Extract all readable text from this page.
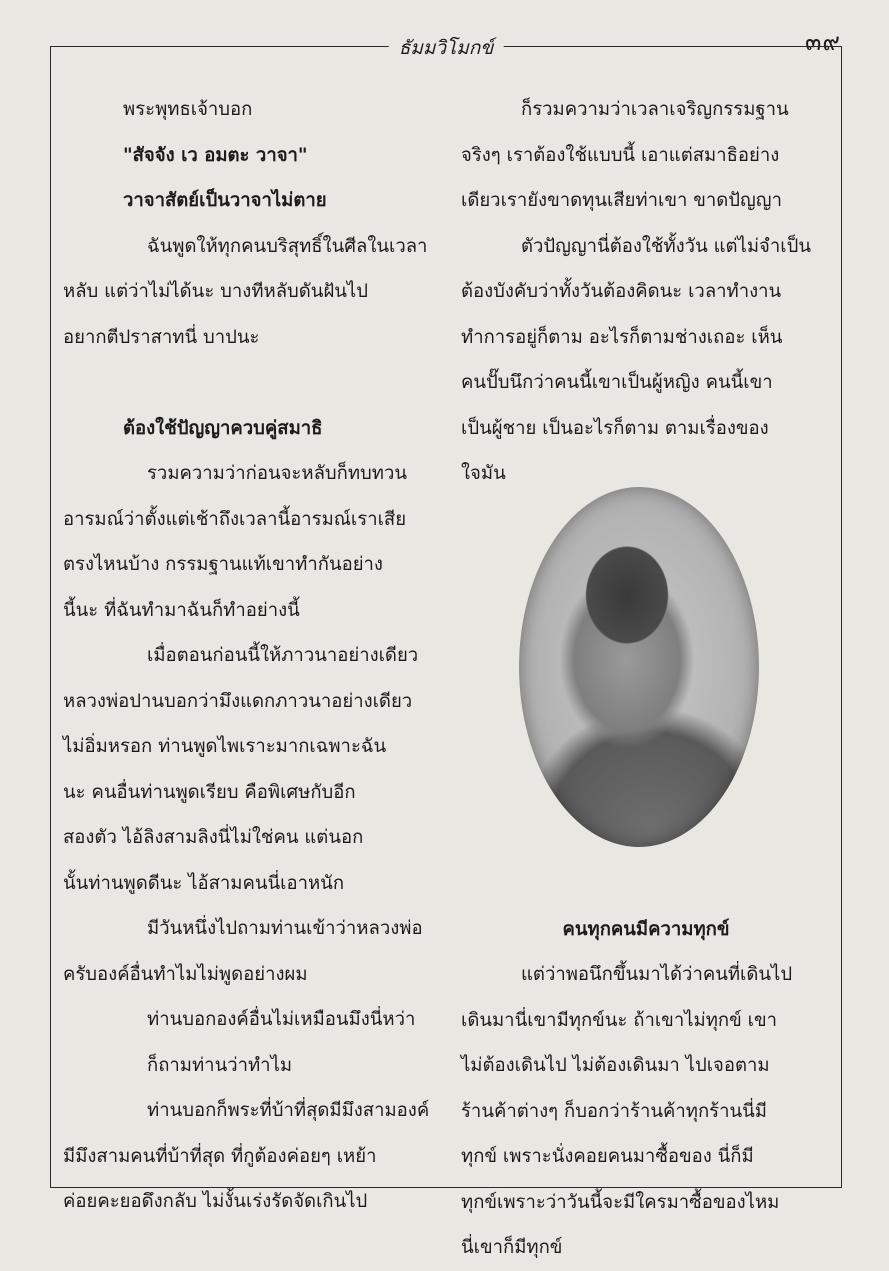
๓๙
ธัมมวิโมกข์
พระพุทธเจ้าบอก
"สัจจัง เว อมตะ วาจา"
วาจาสัตย์เป็นวาจาไม่ตาย
ฉันพูดให้ทุกคนบริสุทธิ์ในศีลในเวลา
หลับ แต่ว่าไม่ได้นะ บางทีหลับดันฝันไป
อยากตีปราสาทนี่ บาปนะ
ต้องใช้ปัญญาควบคู่สมาธิ
รวมความว่าก่อนจะหลับก็ทบทวน
อารมณ์ว่าตั้งแต่เช้าถึงเวลานี้อารมณ์เราเสีย
ตรงไหนบ้าง กรรมฐานแท้เขาทำกันอย่าง
นี้นะ ที่ฉันทำมาฉันก็ทำอย่างนี้
เมื่อตอนก่อนนี้ให้ภาวนาอย่างเดียว
หลวงพ่อปานบอกว่ามึงแดกภาวนาอย่างเดียว
ไม่อิ่มหรอก ท่านพูดไพเราะมากเฉพาะฉัน
นะ คนอื่นท่านพูดเรียบ คือพิเศษกับอีก
สองตัว ไอ้ลิงสามลิงนี่ไม่ใช่คน แต่นอก
นั้นท่านพูดดีนะ ไอ้สามคนนี่เอาหนัก
มีวันหนึ่งไปถามท่านเข้าว่าหลวงพ่อ
ครับองค์อื่นทำไมไม่พูดอย่างผม
ท่านบอกองค์อื่นไม่เหมือนมึงนี่หว่า
ก็ถามท่านว่าทำไม
ท่านบอกก็พระที่บ้าที่สุดมีมึงสามองค์
มีมึงสามคนที่บ้าที่สุด ที่กูต้องค่อยๆ เหย้า
ค่อยคะยอดึงกลับ ไม่งั้นเร่งรัดจัดเกินไป
ก็รวมความว่าเวลาเจริญกรรมฐาน
จริงๆ เราต้องใช้แบบนี้ เอาแต่สมาธิอย่าง
เดียวเรายังขาดทุนเสียท่าเขา ขาดปัญญา
ตัวปัญญานี่ต้องใช้ทั้งวัน แต่ไม่จำเป็น
ต้องบังคับว่าทั้งวันต้องคิดนะ เวลาทำงาน
ทำการอยู่ก็ตาม อะไรก็ตามช่างเถอะ เห็น
คนปั๊บนึกว่าคนนี้เขาเป็นผู้หญิง คนนี้เขา
เป็นผู้ชาย เป็นอะไรก็ตาม ตามเรื่องของ
ใจมัน
คนทุกคนมีความทุกข์
แต่ว่าพอนึกขึ้นมาได้ว่าคนที่เดินไป
เดินมานี่เขามีทุกข์นะ ถ้าเขาไม่ทุกข์ เขา
ไม่ต้องเดินไป ไม่ต้องเดินมา ไปเจอตาม
ร้านค้าต่างๆ ก็บอกว่าร้านค้าทุกร้านนี่มี
ทุกข์ เพราะนั่งคอยคนมาซื้อของ นี่ก็มี
ทุกข์เพราะว่าวันนี้จะมีใครมาซื้อของไหม
นี่เขาก็มีทุกข์
